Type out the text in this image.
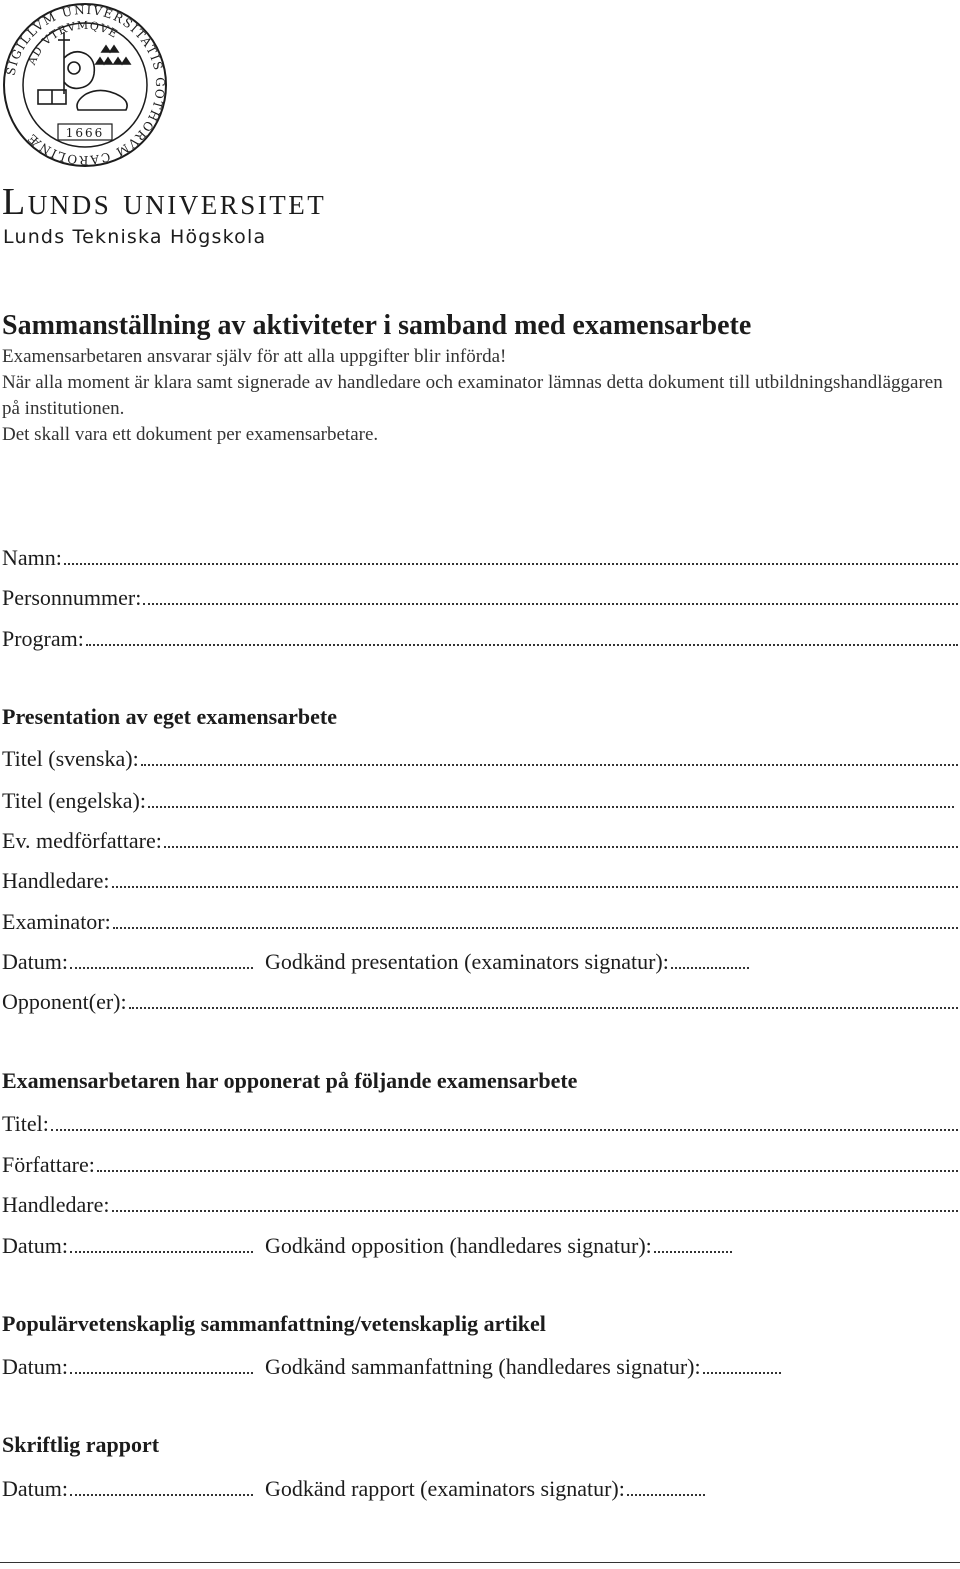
SIGILLVM UNIVERSITATIS GOTHORVM CAROLINÆ
AD VTRVMQVE
1666
Lunds universitet
Lunds Tekniska Högskola
Sammanställning av aktiviteter i samband med examensarbete

Examensarbetaren ansvarar själv för att alla uppgifter blir införda!

När alla moment är klara samt signerade av handledare och examinator lämnas detta dokument till utbildningshandläggaren på institutionen.

Det skall vara ett dokument per examensarbetare.

Namn:
Personnummer:
Program:
Presentation av eget examensarbete
Titel (svenska):
Titel (engelska):
Ev. medförfattare:
Handledare:
Examinator:
Datum:	Godkänd presentation (examinators signatur):
Opponent(er):
Examensarbetaren har opponerat på följande examensarbete
Titel:
Författare:
Handledare:
Datum:	Godkänd opposition (handledares signatur):
Populärvetenskaplig sammanfattning/vetenskaplig artikel
Datum:	Godkänd sammanfattning (handledares signatur):
Skriftlig rapport
Datum:	Godkänd rapport (examinators signatur):
